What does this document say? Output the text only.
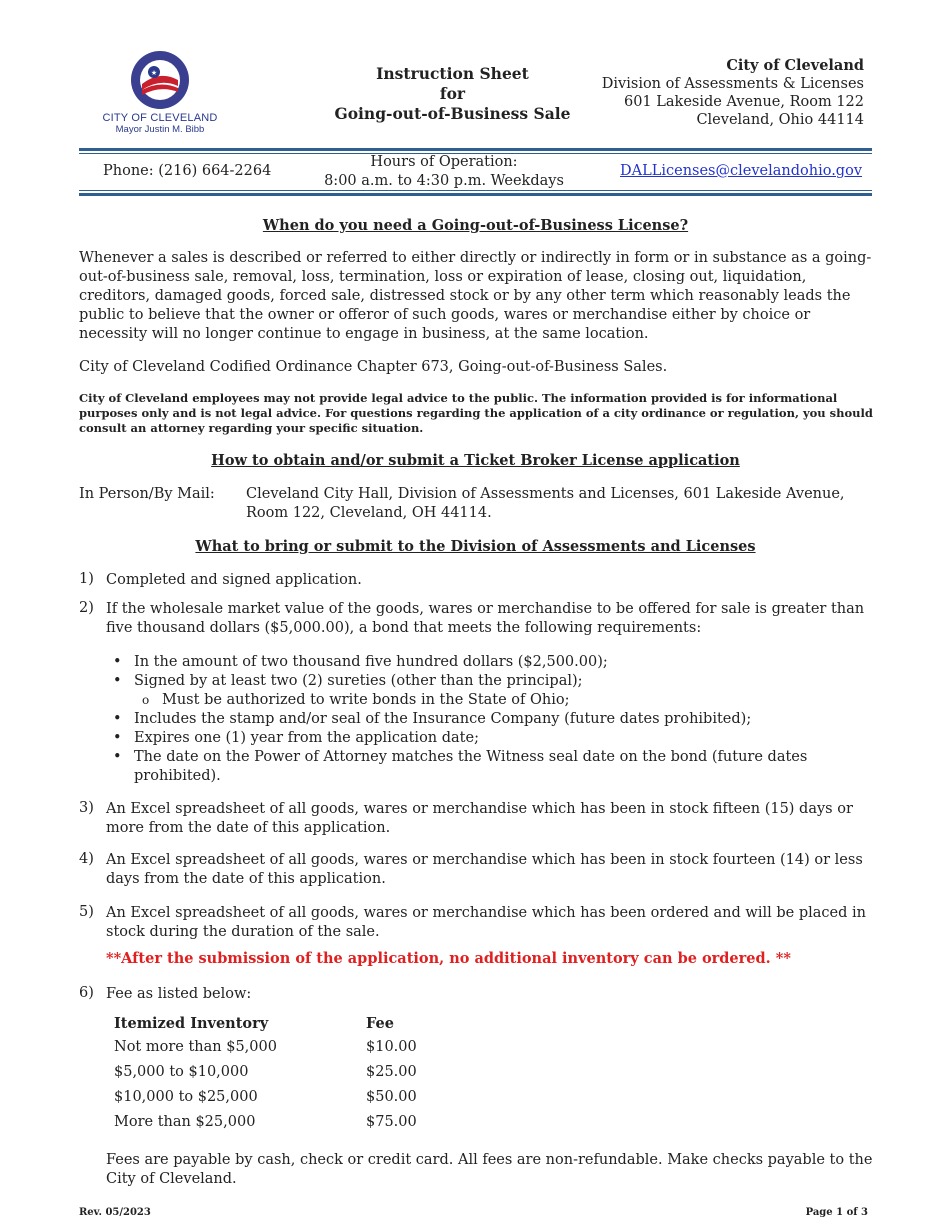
★
CITY OF CLEVELAND
Mayor Justin M. Bibb
Instruction Sheet
for
Going-out-of-Business Sale
City of Cleveland
Division of Assessments & Licenses
601 Lakeside Avenue, Room 122
Cleveland, Ohio 44114
Phone: (216) 664-2264
Hours of Operation:
8:00 a.m. to 4:30 p.m. Weekdays
DALLicenses@clevelandohio.gov
When do you need a Going-out-of-Business License?
Whenever a sales is described or referred to either directly or indirectly in form or in substance as a going-out-of-business sale, removal, loss, termination, loss or expiration of lease, closing out, liquidation, creditors, damaged goods, forced sale, distressed stock or by any other term which reasonably leads the public to believe that the owner or offeror of such goods, wares or merchandise either by choice or necessity will no longer continue to engage in business, at the same location.
City of Cleveland Codified Ordinance Chapter 673, Going-out-of-Business Sales.
City of Cleveland employees may not provide legal advice to the public. The information provided is for informational purposes only and is not legal advice. For questions regarding the application of a city ordinance or regulation, you should consult an attorney regarding your specific situation.
How to obtain and/or submit a Ticket Broker License application
In Person/By Mail:	Cleveland City Hall, Division of Assessments and Licenses, 601 Lakeside Avenue,
Room 122, Cleveland, OH 44114.
What to bring or submit to the Division of Assessments and Licenses
1) Completed and signed application.
2) If the wholesale market value of the goods, wares or merchandise to be offered for sale is greater than five thousand dollars ($5,000.00), a bond that meets the following requirements:
•
•
•
•
•
In the amount of two thousand five hundred dollars ($2,500.00);
Signed by at least two (2) sureties (other than the principal);
o Must be authorized to write bonds in the State of Ohio;
Includes the stamp and/or seal of the Insurance Company (future dates prohibited);
Expires one (1) year from the application date;
The date on the Power of Attorney matches the Witness seal date on the bond (future dates prohibited).
3) An Excel spreadsheet of all goods, wares or merchandise which has been in stock fifteen (15) days or more from the date of this application.
4) An Excel spreadsheet of all goods, wares or merchandise which has been in stock fourteen (14) or less days from the date of this application.
5) An Excel spreadsheet of all goods, wares or merchandise which has been ordered and will be placed in stock during the duration of the sale.
**After the submission of the application, no additional inventory can be ordered. **
6) Fee as listed below:
Itemized Inventory	Fee
Not more than $5,000	$10.00
$5,000 to $10,000	$25.00
$10,000 to $25,000	$50.00
More than $25,000	$75.00
Fees are payable by cash, check or credit card. All fees are non-refundable. Make checks payable to the City of Cleveland.
Rev. 05/2023	Page 1 of 3
